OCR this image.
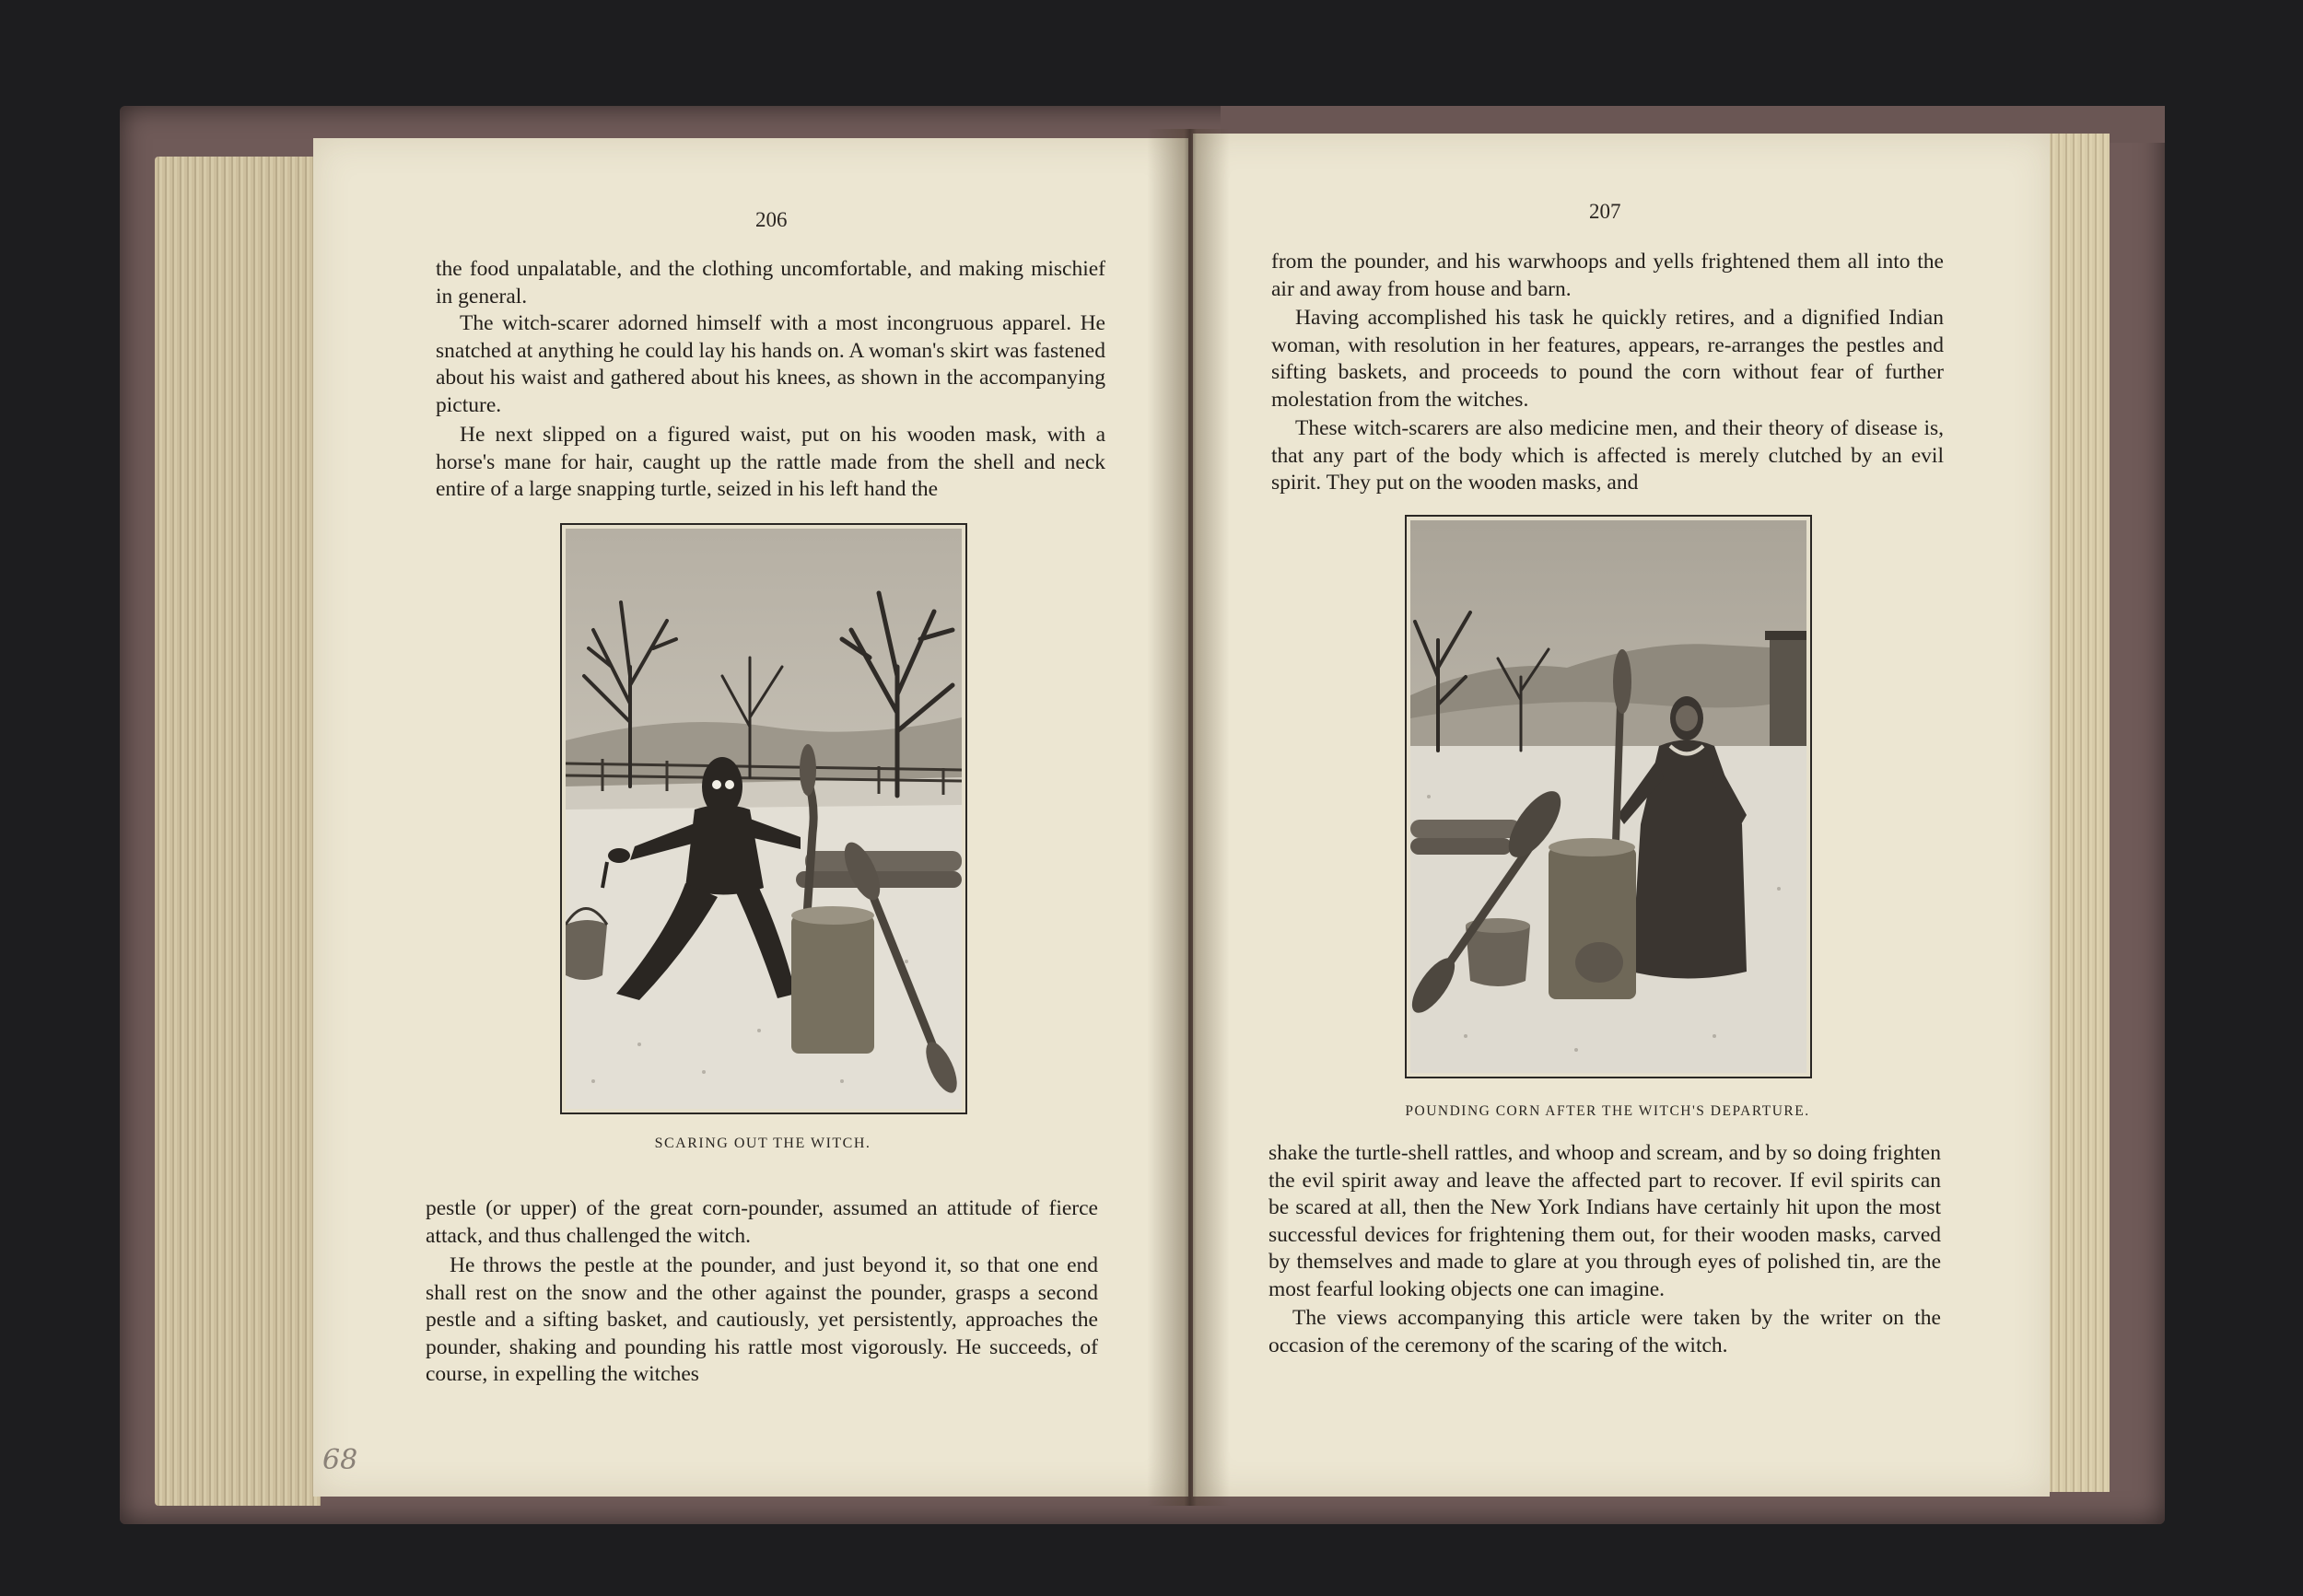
206

the food unpalatable, and the clothing uncomfortable, and making mischief in general.

The witch-scarer adorned himself with a most incongruous apparel. He snatched at anything he could lay his hands on. A woman's skirt was fastened about his waist and gathered about his knees, as shown in the accompanying picture.

He next slipped on a figured waist, put on his wooden mask, with a horse's mane for hair, caught up the rattle made from the shell and neck entire of a large snapping turtle, seized in his left hand the

SCARING OUT THE WITCH.

pestle (or upper) of the great corn-pounder, assumed an attitude of fierce attack, and thus challenged the witch.

He throws the pestle at the pounder, and just beyond it, so that one end shall rest on the snow and the other against the pounder, grasps a second pestle and a sifting basket, and cautiously, yet persistently, approaches the pounder, shaking and pounding his rattle most vigorously. He succeeds, of course, in expelling the witches

68
207

from the pounder, and his warwhoops and yells frightened them all into the air and away from house and barn.

Having accomplished his task he quickly retires, and a dignified Indian woman, with resolution in her features, appears, re-arranges the pestles and sifting baskets, and proceeds to pound the corn without fear of further molestation from the witches.

These witch-scarers are also medicine men, and their theory of disease is, that any part of the body which is affected is merely clutched by an evil spirit. They put on the wooden masks, and

POUNDING CORN AFTER THE WITCH'S DEPARTURE.

shake the turtle-shell rattles, and whoop and scream, and by so doing frighten the evil spirit away and leave the affected part to recover. If evil spirits can be scared at all, then the New York Indians have certainly hit upon the most successful devices for frightening them out, for their wooden masks, carved by themselves and made to glare at you through eyes of polished tin, are the most fearful looking objects one can imagine.

The views accompanying this article were taken by the writer on the occasion of the ceremony of the scaring of the witch.
